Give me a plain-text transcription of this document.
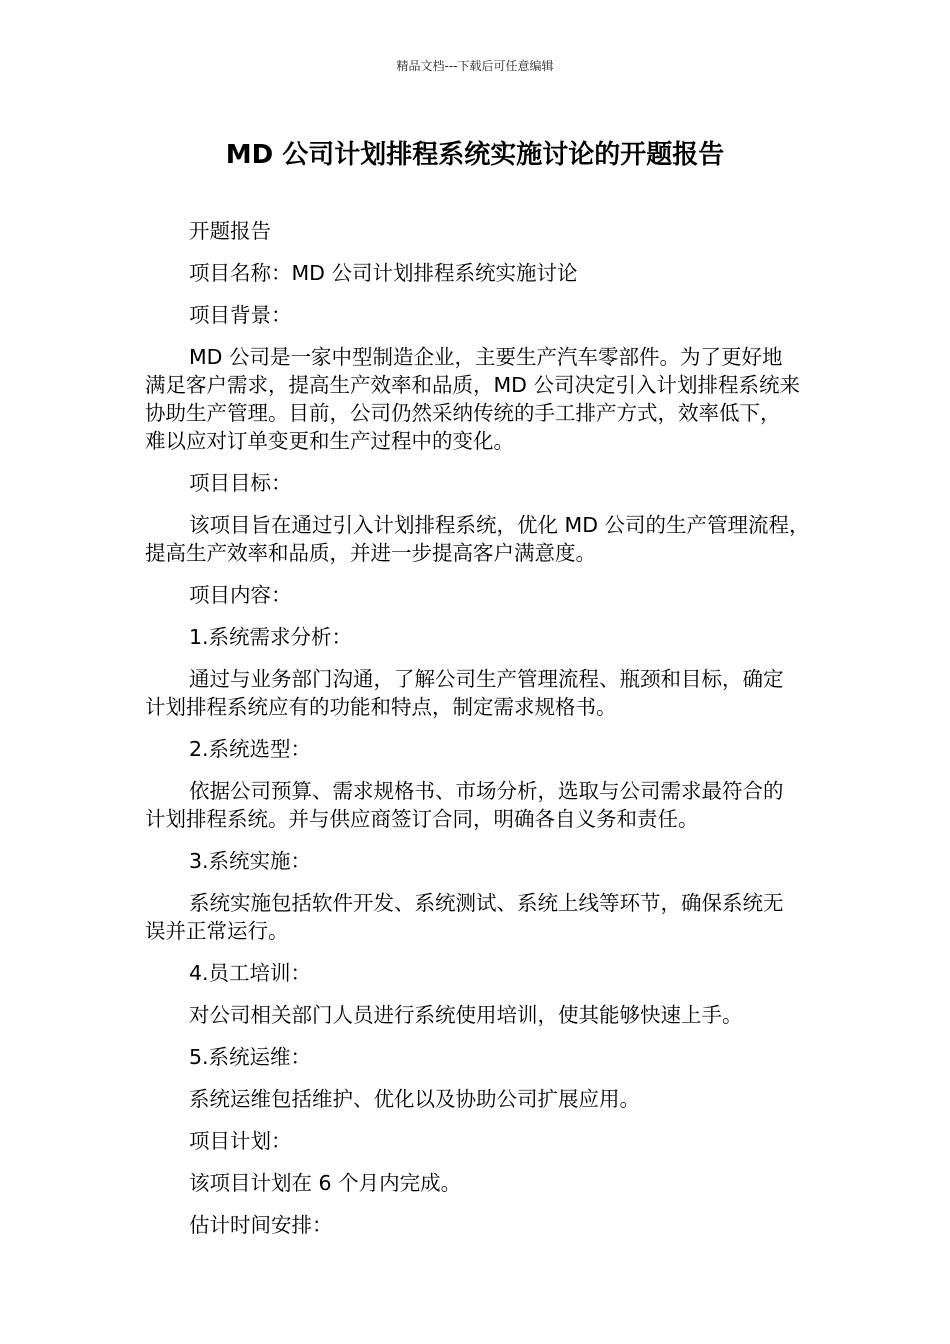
精品文档---下载后可任意编辑
MD 公司计划排程系统实施讨论的开题报告

开题报告

项目名称：MD 公司计划排程系统实施讨论

项目背景：

MD 公司是一家中型制造企业，主要生产汽车零部件。为了更好地
满足客户需求，提高生产效率和品质，MD 公司决定引入计划排程系统来
协助生产管理。目前，公司仍然采纳传统的手工排产方式，效率低下，
难以应对订单变更和生产过程中的变化。

项目目标：

该项目旨在通过引入计划排程系统，优化 MD 公司的生产管理流程，
提高生产效率和品质，并进一步提高客户满意度。

项目内容：

1.系统需求分析：

通过与业务部门沟通，了解公司生产管理流程、瓶颈和目标，确定
计划排程系统应有的功能和特点，制定需求规格书。

2.系统选型：

依据公司预算、需求规格书、市场分析，选取与公司需求最符合的
计划排程系统。并与供应商签订合同，明确各自义务和责任。

3.系统实施：

系统实施包括软件开发、系统测试、系统上线等环节，确保系统无
误并正常运行。

4.员工培训：

对公司相关部门人员进行系统使用培训，使其能够快速上手。

5.系统运维：

系统运维包括维护、优化以及协助公司扩展应用。

项目计划：

该项目计划在 6 个月内完成。

估计时间安排：
